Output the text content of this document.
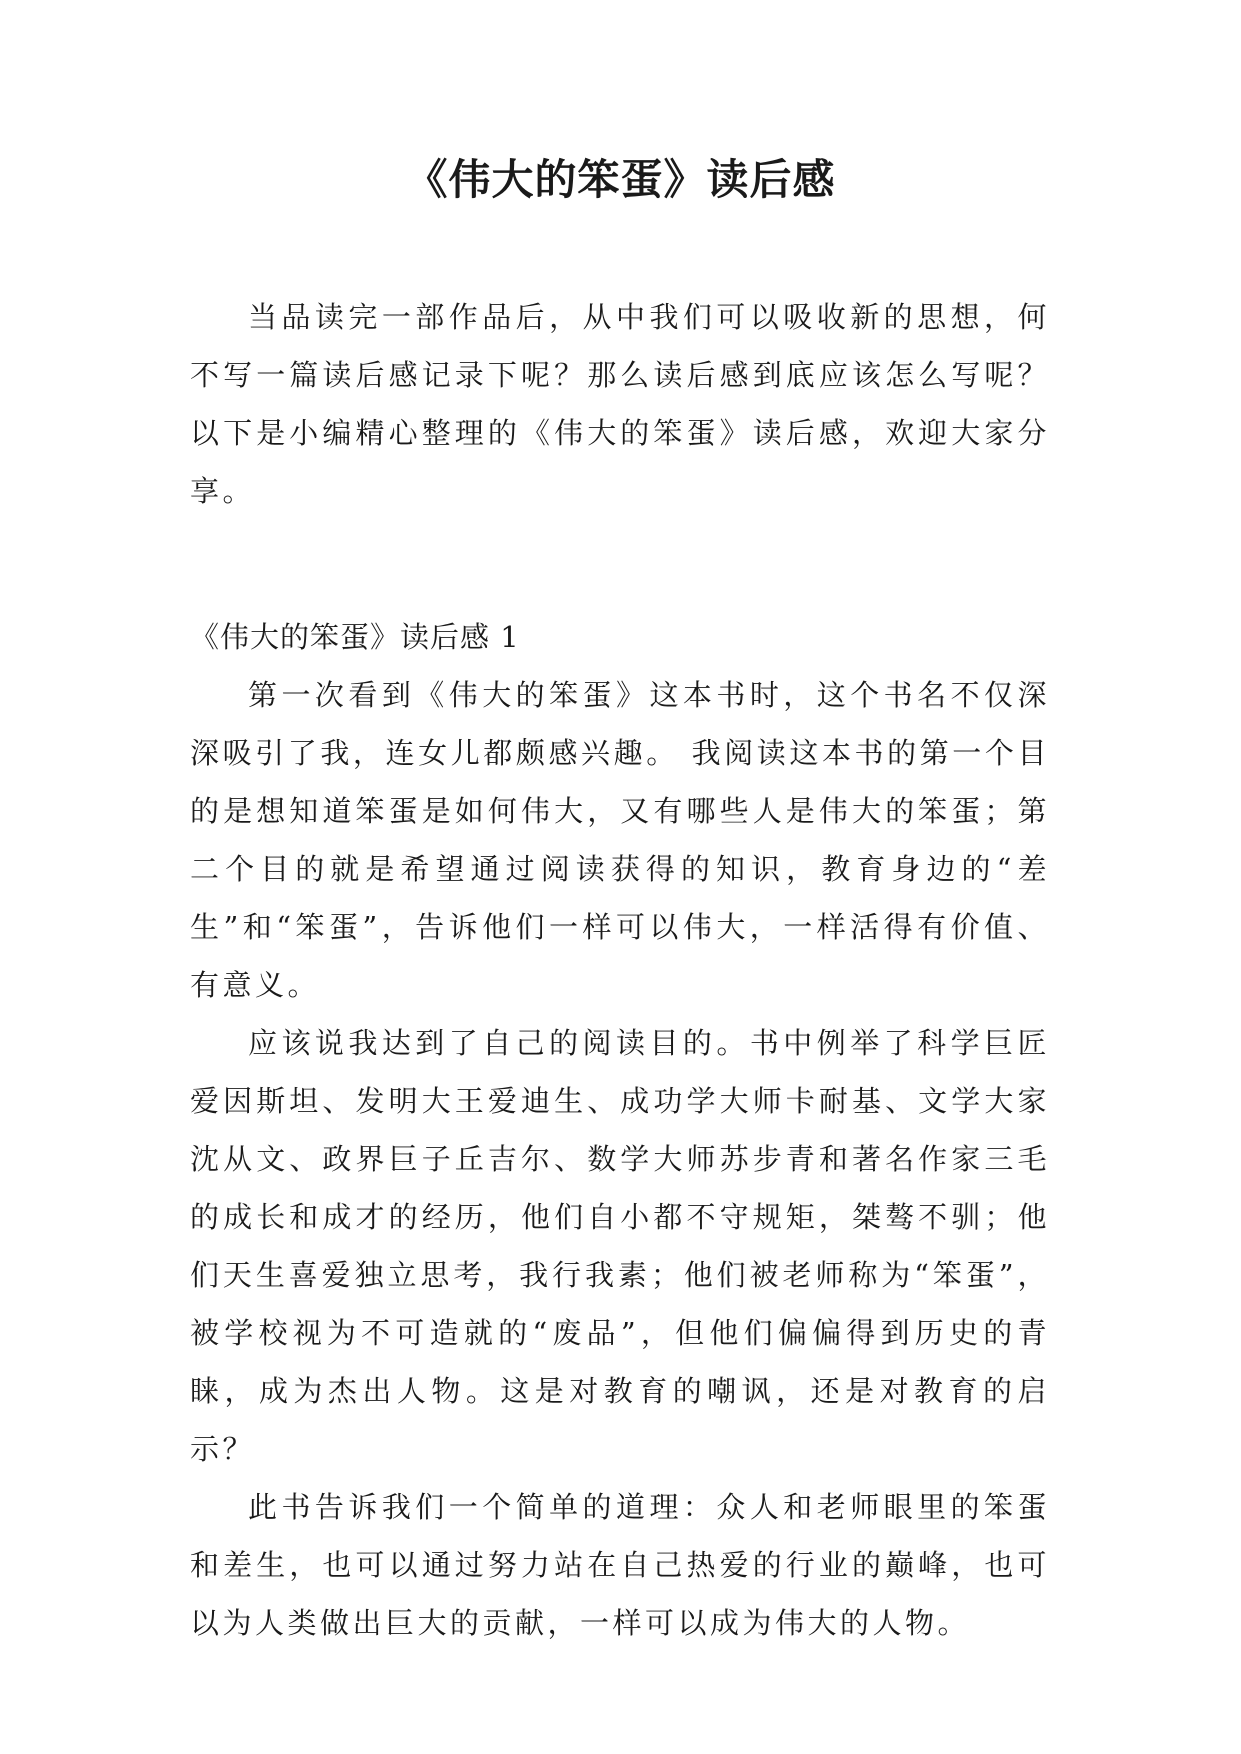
《伟大的笨蛋》读后感

当品读完一部作品后，从中我们可以吸收新的思想，何不写一篇读后感记录下呢？那么读后感到底应该怎么写呢？以下是小编精心整理的《伟大的笨蛋》读后感，欢迎大家分享。

《伟大的笨蛋》读后感 1

第一次看到《伟大的笨蛋》这本书时，这个书名不仅深深吸引了我，连女儿都颇感兴趣。 我阅读这本书的第一个目的是想知道笨蛋是如何伟大，又有哪些人是伟大的笨蛋；第二个目的就是希望通过阅读获得的知识，教育身边的“差生”和“笨蛋”，告诉他们一样可以伟大，一样活得有价值、有意义。

应该说我达到了自己的阅读目的。书中例举了科学巨匠爱因斯坦、发明大王爱迪生、成功学大师卡耐基、文学大家沈从文、政界巨子丘吉尔、数学大师苏步青和著名作家三毛的成长和成才的经历，他们自小都不守规矩，桀骜不驯；他们天生喜爱独立思考，我行我素；他们被老师称为“笨蛋”，被学校视为不可造就的“废品”，但他们偏偏得到历史的青睐，成为杰出人物。这是对教育的嘲讽，还是对教育的启示？

此书告诉我们一个简单的道理：众人和老师眼里的笨蛋和差生，也可以通过努力站在自己热爱的行业的巅峰，也可以为人类做出巨大的贡献，一样可以成为伟大的人物。
